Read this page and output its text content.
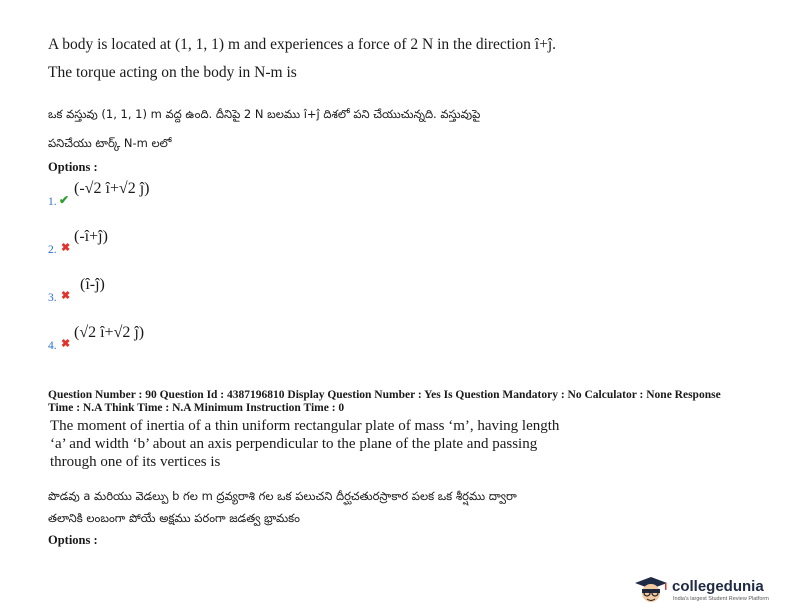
A body is located at (1, 1, 1) m and experiences a force of 2 N in the direction î+ĵ.
The torque acting on the body in N-m is
ఒక వస్తువు (1, 1, 1) m వద్ద ఉంది. దీనిపై 2 N బలము î+ĵ దిశలో పని చేయుచున్నది. వస్తువుపై
పనిచేయు టార్క్ N-m లలో
Options :
1. ✔
(-√2 î+√2 ĵ)
2. ✖
(-î+ĵ)
3. ✖
(î-ĵ)
4. ✖
(√2 î+√2 ĵ)
Question Number : 90 Question Id : 4387196810 Display Question Number : Yes Is Question Mandatory : No Calculator : None Response
Time : N.A Think Time : N.A Minimum Instruction Time : 0
The moment of inertia of a thin uniform rectangular plate of mass ‘m’, having length
‘a’ and width ‘b’ about an axis perpendicular to the plane of the plate and passing
through one of its vertices is
పొడవు a మరియు వెడల్పు b గల m ద్రవ్యరాశి గల ఒక పలుచని దీర్ఘచతురస్రాకార పలక ఒక శీర్షము ద్వారా
తలానికి లంబంగా పోయే అక్షము పరంగా జడత్వ భ్రామకం
Options :
collegedunia
India's largest Student Review Platform
